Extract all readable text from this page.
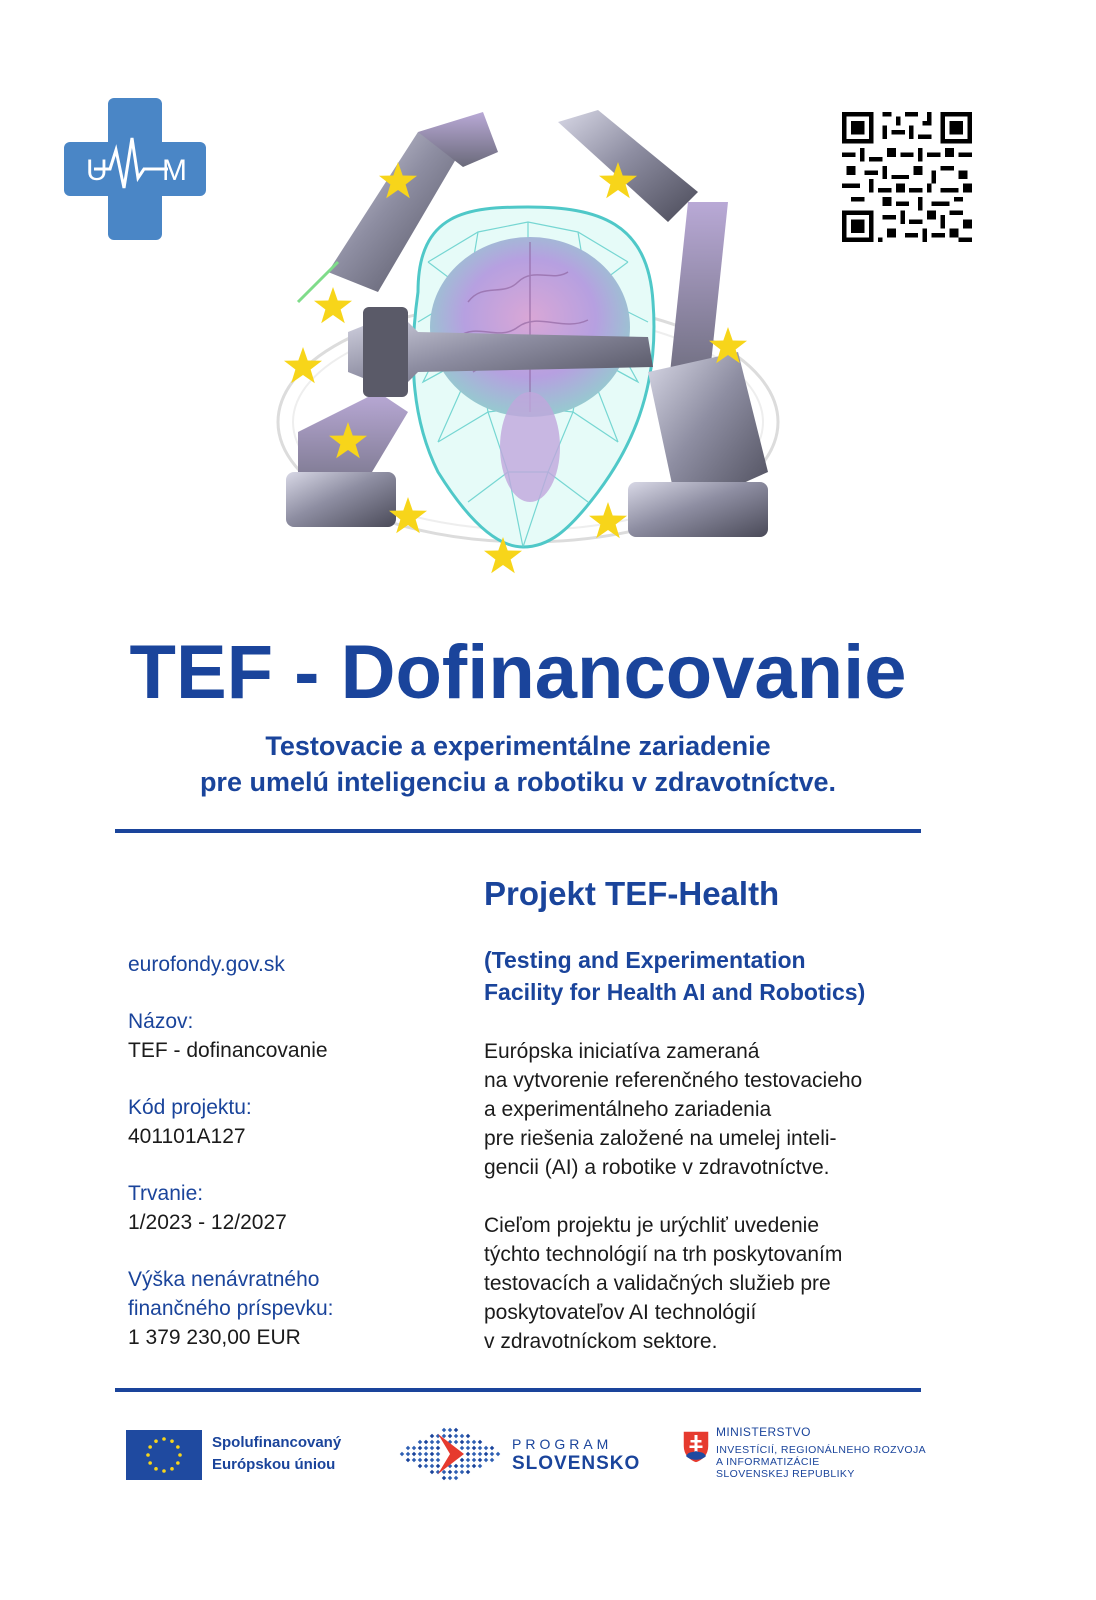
U M
TEF - Dofinancovanie
Testovacie a experimentálne zariadenie
pre umelú inteligenciu a robotiku v zdravotníctve.
eurofondy.gov.sk
Názov:
TEF - dofinancovanie
Kód projektu:
401101A127
Trvanie:
1/2023 - 12/2027
Výška nenávratného
finančného príspevku:
1 379 230,00 EUR
Projekt TEF-Health
(Testing and Experimentation
Facility for Health AI and Robotics)
Európska iniciatíva zameraná
na vytvorenie referenčného testovacieho
a experimentálneho zariadenia
pre riešenia založené na umelej inteli-
gencii (AI) a robotike v zdravotníctve.
Cieľom projektu je urýchliť uvedenie
týchto technológií na trh poskytovaním
testovacích a validačných služieb pre
poskytovateľov AI technológií
v zdravotníckom sektore.
Spolufinancovaný
Európskou úniou
PROGRAM
SLOVENSKO
MINISTERSTVO
INVESTÍCIÍ, REGIONÁLNEHO ROZVOJA
A INFORMATIZÁCIE
SLOVENSKEJ REPUBLIKY
